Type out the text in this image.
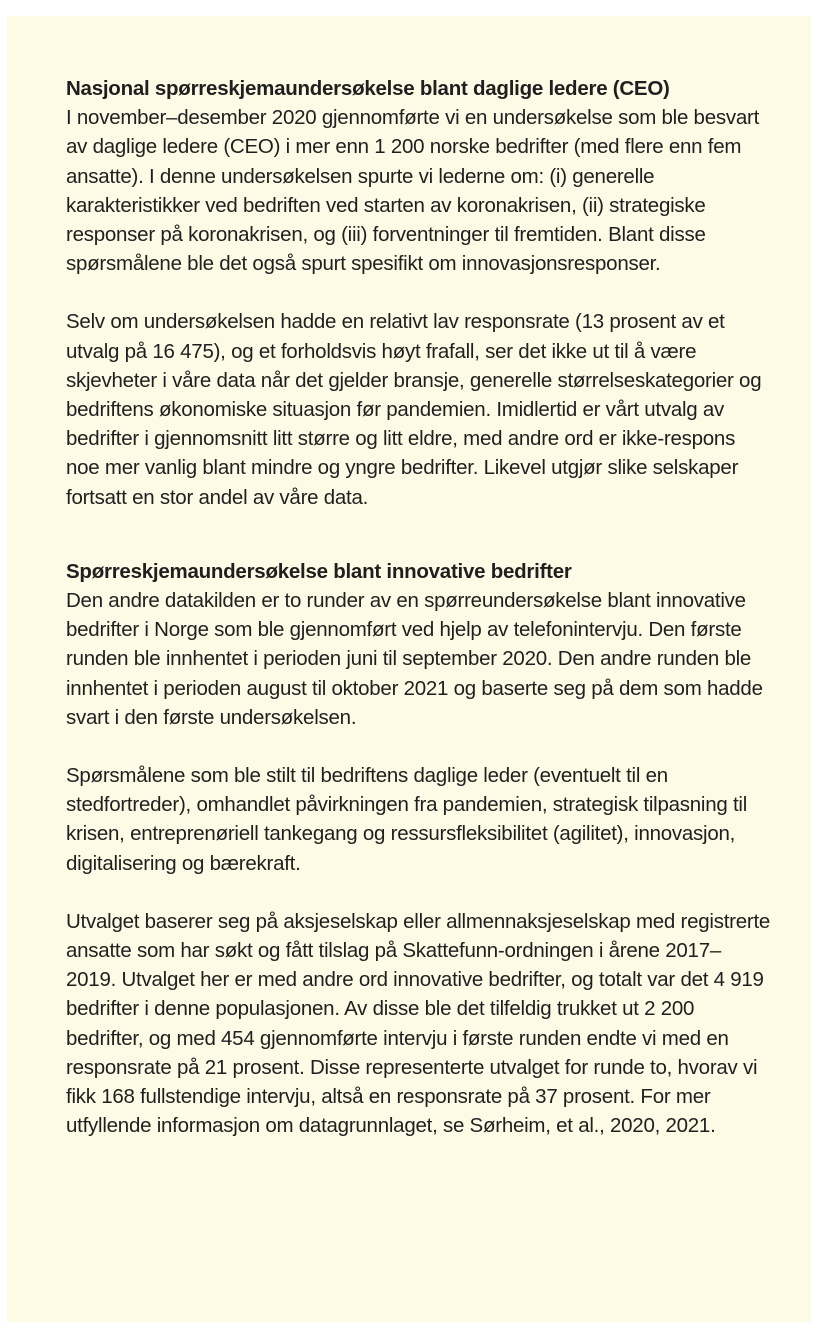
Nasjonal spørreskjemaundersøkelse blant daglige ledere (CEO)
I november–desember 2020 gjennomførte vi en undersøkelse som ble besvart av daglige ledere (CEO) i mer enn 1 200 norske bedrifter (med flere enn fem ansatte). I denne undersøkelsen spurte vi lederne om: (i) generelle karakteristikker ved bedriften ved starten av koronakrisen, (ii) strategiske responser på koronakrisen, og (iii) forventninger til fremtiden. Blant disse spørsmålene ble det også spurt spesifikt om innovasjonsresponser.

Selv om undersøkelsen hadde en relativt lav responsrate (13 prosent av et utvalg på 16 475), og et forholdsvis høyt frafall, ser det ikke ut til å være skjevheter i våre data når det gjelder bransje, generelle størrelseskategorier og bedriftens økonomiske situasjon før pandemien. Imidlertid er vårt utvalg av bedrifter i gjennomsnitt litt større og litt eldre, med andre ord er ikke-respons noe mer vanlig blant mindre og yngre bedrifter. Likevel utgjør slike selskaper fortsatt en stor andel av våre data.

Spørreskjemaundersøkelse blant innovative bedrifter
Den andre datakilden er to runder av en spørreundersøkelse blant innovative bedrifter i Norge som ble gjennomført ved hjelp av telefonintervju. Den første runden ble innhentet i perioden juni til september 2020. Den andre runden ble innhentet i perioden august til oktober 2021 og baserte seg på dem som hadde svart i den første undersøkelsen.

Spørsmålene som ble stilt til bedriftens daglige leder (eventuelt til en stedfortreder), omhandlet påvirkningen fra pandemien, strategisk tilpasning til krisen, entreprenøriell tankegang og ressursfleksibilitet (agilitet), innovasjon, digitalisering og bærekraft.

Utvalget baserer seg på aksjeselskap eller allmennaksjeselskap med registrerte ansatte som har søkt og fått tilslag på Skattefunn-ordningen i årene 2017–2019. Utvalget her er med andre ord innovative bedrifter, og totalt var det 4 919 bedrifter i denne populasjonen. Av disse ble det tilfeldig trukket ut 2 200 bedrifter, og med 454 gjennomførte intervju i første runden endte vi med en responsrate på 21 prosent. Disse representerte utvalget for runde to, hvorav vi fikk 168 fullstendige intervju, altså en responsrate på 37 prosent. For mer utfyllende informasjon om datagrunnlaget, se Sørheim, et al., 2020, 2021.
